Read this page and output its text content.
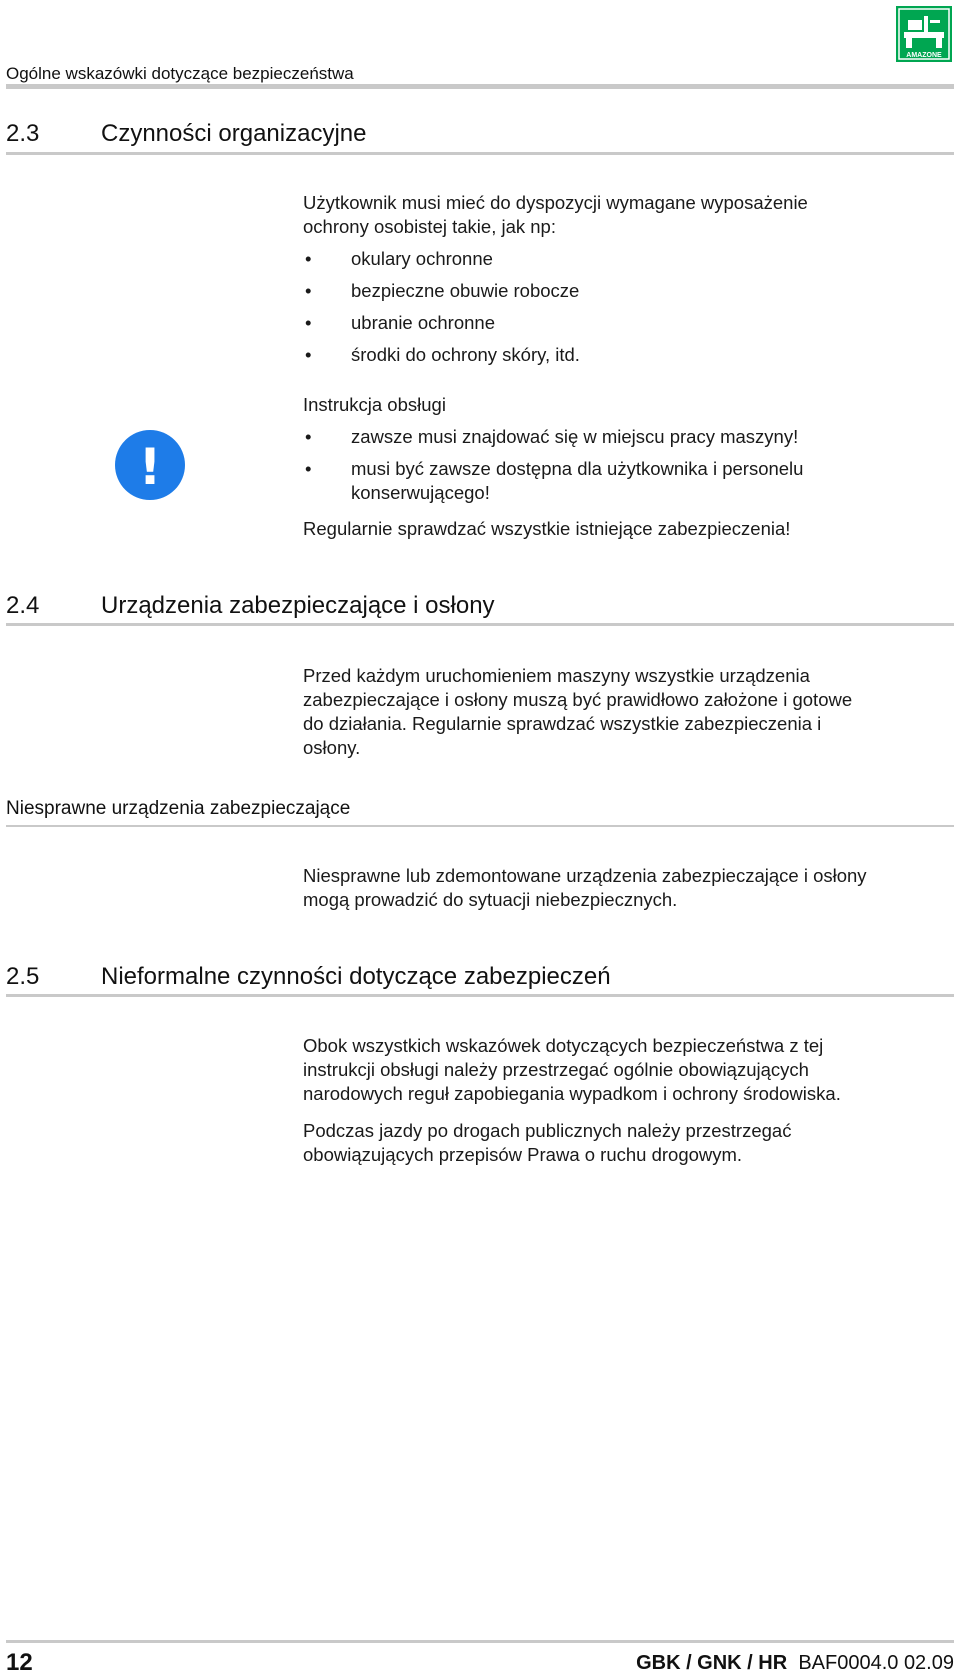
Ogólne wskazówki dotyczące bezpieczeństwa
AMAZONE
2.3	Czynności organizacyjne
Użytkownik musi mieć do dyspozycji wymagane wyposażenie
ochrony osobistej takie, jak np:
• okulary ochronne
• bezpieczne obuwie robocze
• ubranie ochronne
• środki do ochrony skóry, itd.
Instrukcja obsługi
!
• zawsze musi znajdować się w miejscu pracy maszyny!
• musi być zawsze dostępna dla użytkownika i personelu
konserwującego!
Regularnie sprawdzać wszystkie istniejące zabezpieczenia!
2.4	Urządzenia zabezpieczające i osłony
Przed każdym uruchomieniem maszyny wszystkie urządzenia
zabezpieczające i osłony muszą być prawidłowo założone i gotowe
do działania. Regularnie sprawdzać wszystkie zabezpieczenia i
osłony.
Niesprawne urządzenia zabezpieczające
Niesprawne lub zdemontowane urządzenia zabezpieczające i osłony
mogą prowadzić do sytuacji niebezpiecznych.
2.5	Nieformalne czynności dotyczące zabezpieczeń
Obok wszystkich wskazówek dotyczących bezpieczeństwa z tej
instrukcji obsługi należy przestrzegać ogólnie obowiązujących
narodowych reguł zapobiegania wypadkom i ochrony środowiska.
Podczas jazdy po drogach publicznych należy przestrzegać
obowiązujących przepisów Prawa o ruchu drogowym.
12	GBK / GNK / HR BAF0004.0 02.09
